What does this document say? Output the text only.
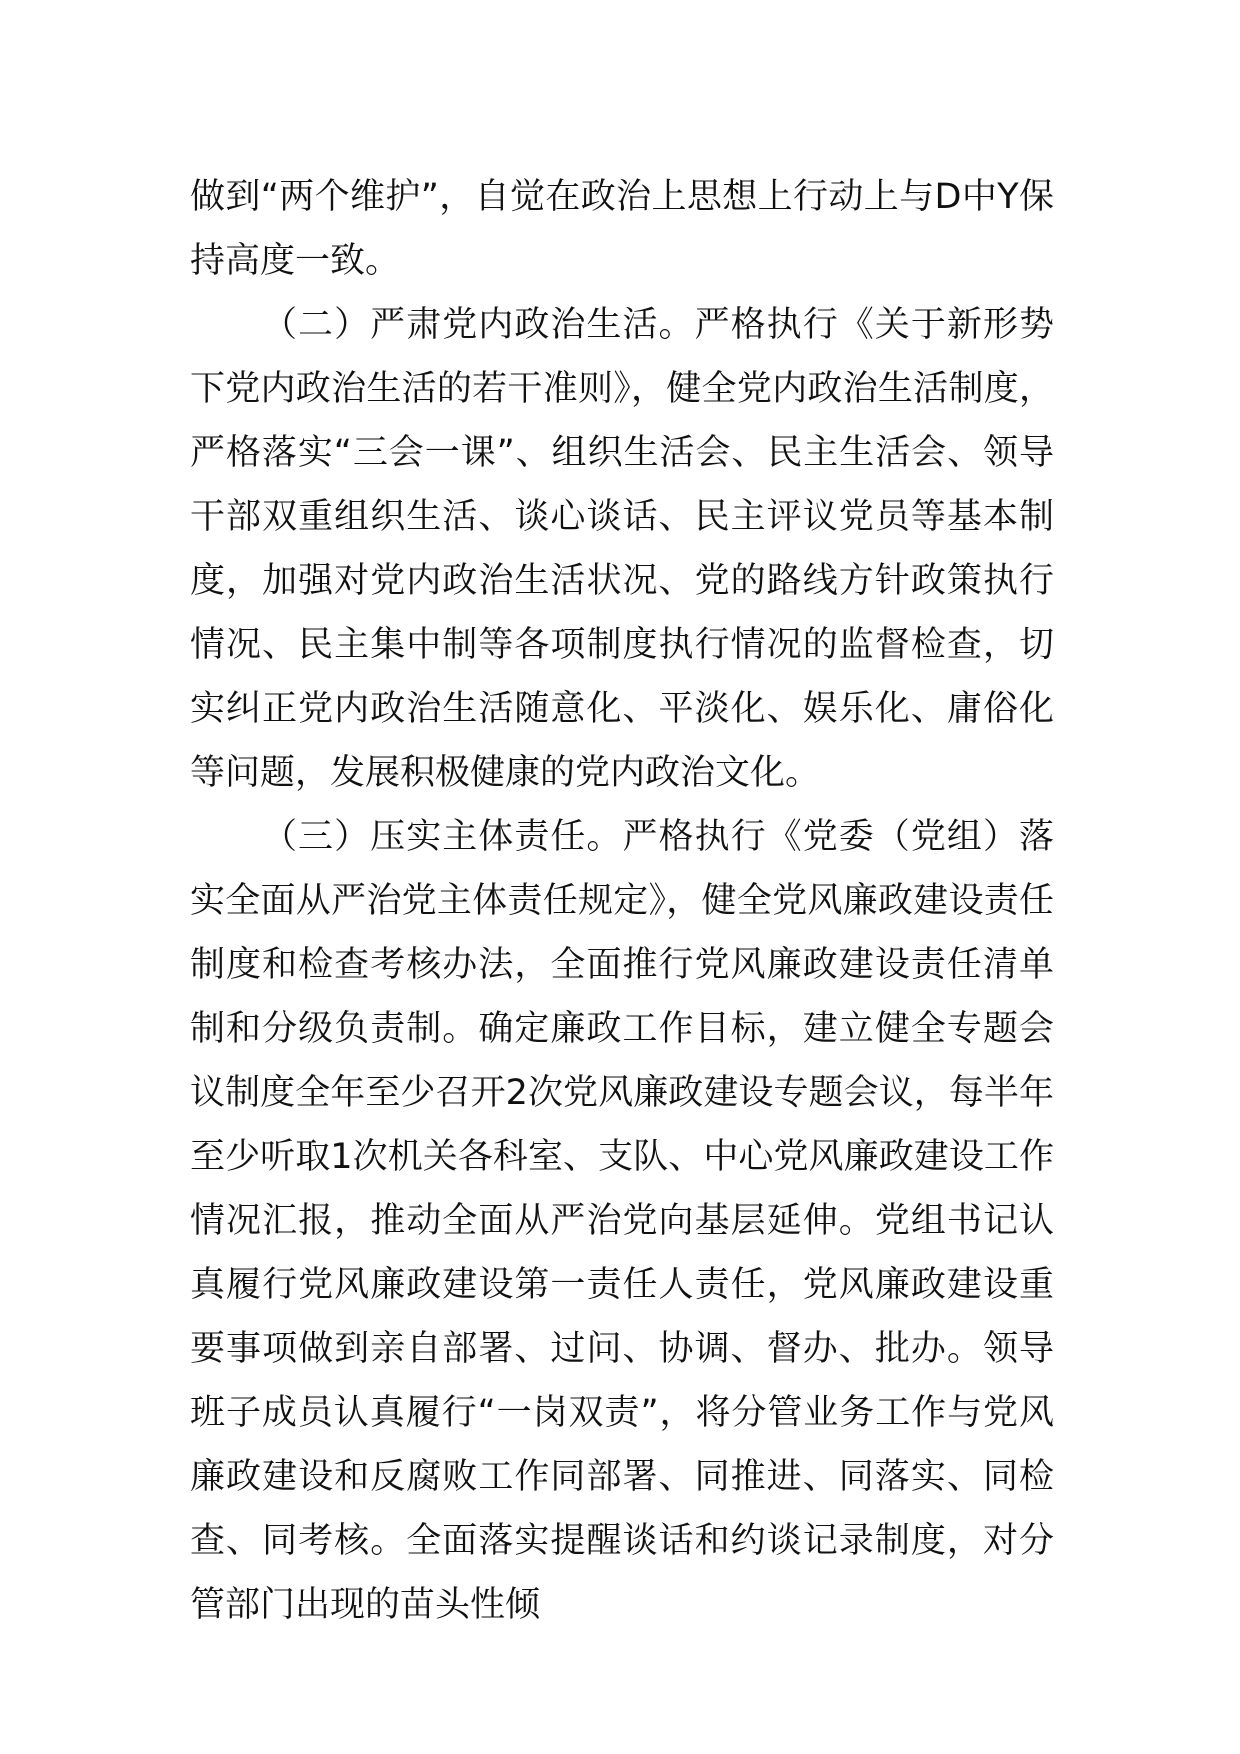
做到“两个维护”，自觉在政治上思想上行动上与D中Y保持高度一致。

（二）严肃党内政治生活。严格执行《关于新形势下党内政治生活的若干准则》，健全党内政治生活制度，严格落实“三会一课”、组织生活会、民主生活会、领导干部双重组织生活、谈心谈话、民主评议党员等基本制度，加强对党内政治生活状况、党的路线方针政策执行情况、民主集中制等各项制度执行情况的监督检查，切实纠正党内政治生活随意化、平淡化、娱乐化、庸俗化等问题，发展积极健康的党内政治文化。

（三）压实主体责任。严格执行《党委（党组）落实全面从严治党主体责任规定》，健全党风廉政建设责任制度和检查考核办法，全面推行党风廉政建设责任清单制和分级负责制。确定廉政工作目标，建立健全专题会议制度全年至少召开2次党风廉政建设专题会议，每半年至少听取1次机关各科室、支队、中心党风廉政建设工作情况汇报，推动全面从严治党向基层延伸。党组书记认真履行党风廉政建设第一责任人责任，党风廉政建设重要事项做到亲自部署、过问、协调、督办、批办。领导班子成员认真履行“一岗双责”，将分管业务工作与党风廉政建设和反腐败工作同部署、同推进、同落实、同检查、同考核。全面落实提醒谈话和约谈记录制度，对分管部门出现的苗头性倾
